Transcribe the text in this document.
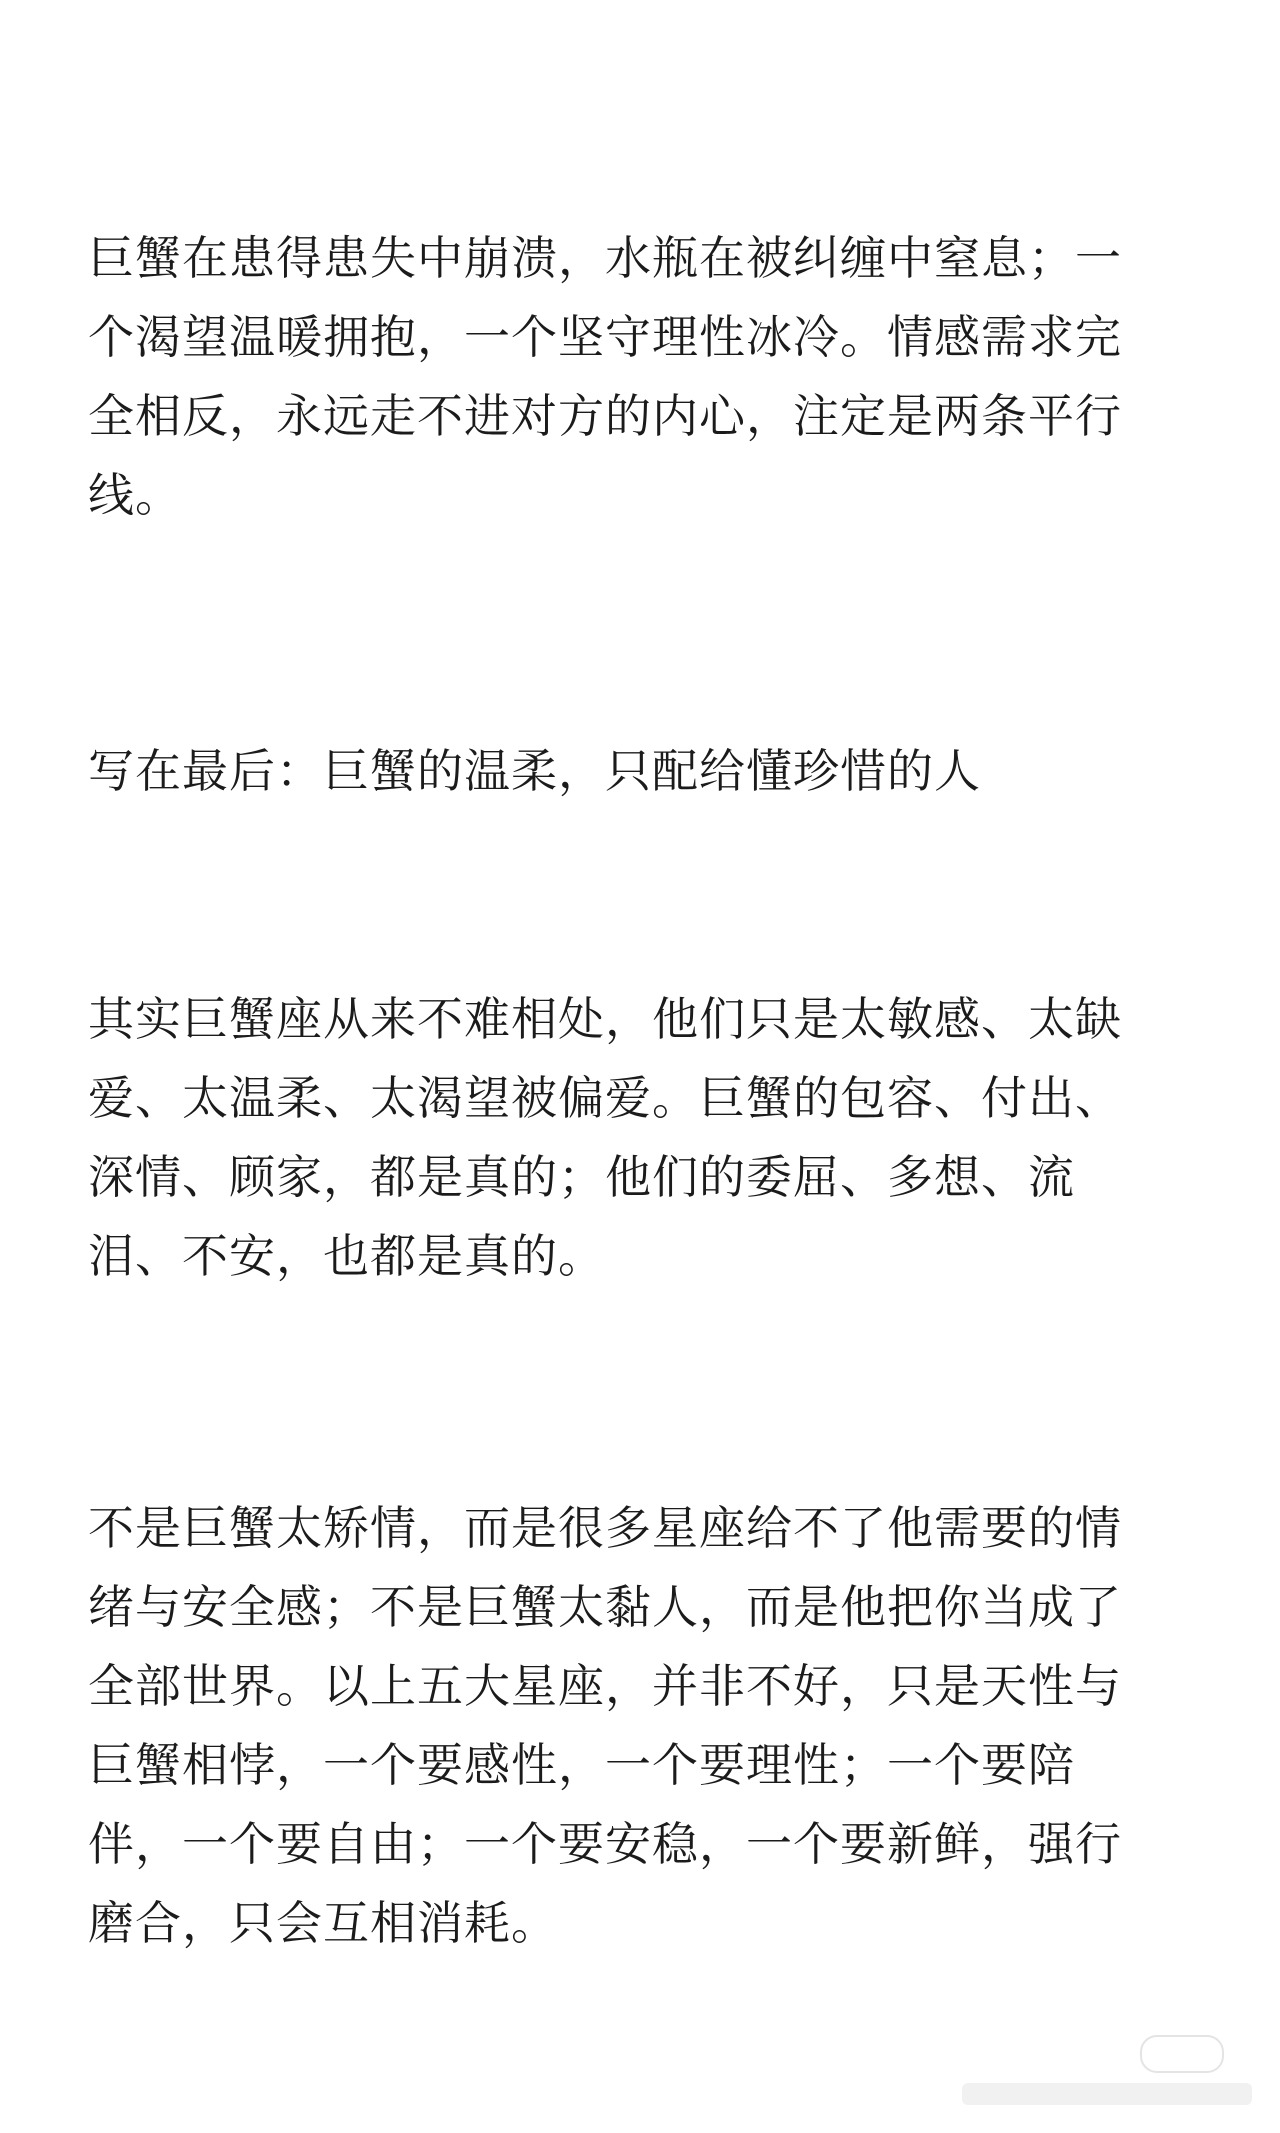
巨蟹在患得患失中崩溃，水瓶在被纠缠中窒息；一
个渴望温暖拥抱，一个坚守理性冰冷。情感需求完
全相反，永远走不进对方的内心，注定是两条平行
线。
写在最后：巨蟹的温柔，只配给懂珍惜的人
其实巨蟹座从来不难相处，他们只是太敏感、太缺
爱、太温柔、太渴望被偏爱。巨蟹的包容、付出、
深情、顾家，都是真的；他们的委屈、多想、流
泪、不安，也都是真的。
不是巨蟹太矫情，而是很多星座给不了他需要的情
绪与安全感；不是巨蟹太黏人，而是他把你当成了
全部世界。以上五大星座，并非不好，只是天性与
巨蟹相悖，一个要感性，一个要理性；一个要陪
伴，一个要自由；一个要安稳，一个要新鲜，强行
磨合，只会互相消耗。
